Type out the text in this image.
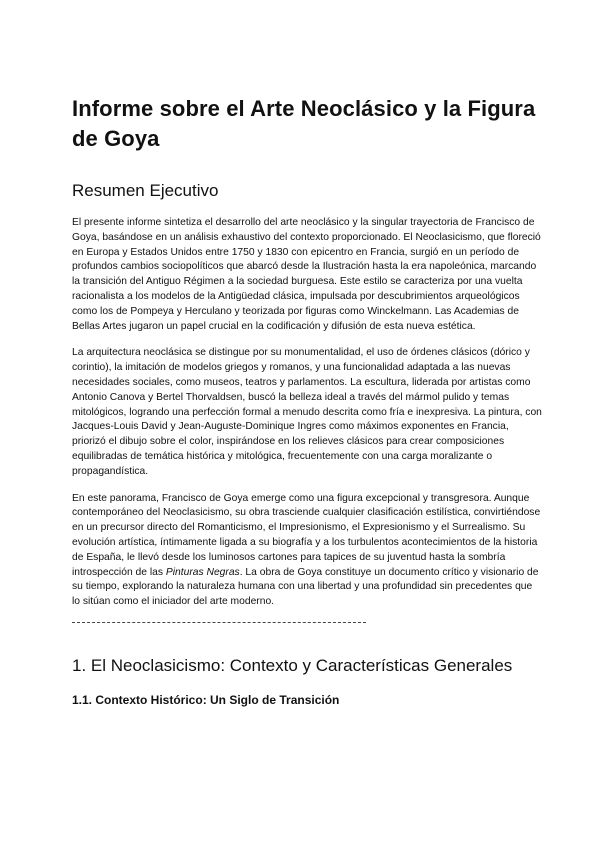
Informe sobre el Arte Neoclásico y la Figura de Goya
Resumen Ejecutivo

El presente informe sintetiza el desarrollo del arte neoclásico y la singular trayectoria de Francisco de Goya, basándose en un análisis exhaustivo del contexto proporcionado. El Neoclasicismo, que floreció en Europa y Estados Unidos entre 1750 y 1830 con epicentro en Francia, surgió en un período de profundos cambios sociopolíticos que abarcó desde la Ilustración hasta la era napoleónica, marcando la transición del Antiguo Régimen a la sociedad burguesa. Este estilo se caracteriza por una vuelta racionalista a los modelos de la Antigüedad clásica, impulsada por descubrimientos arqueológicos como los de Pompeya y Herculano y teorizada por figuras como Winckelmann. Las Academias de Bellas Artes jugaron un papel crucial en la codificación y difusión de esta nueva estética.

La arquitectura neoclásica se distingue por su monumentalidad, el uso de órdenes clásicos (dórico y corintio), la imitación de modelos griegos y romanos, y una funcionalidad adaptada a las nuevas necesidades sociales, como museos, teatros y parlamentos. La escultura, liderada por artistas como Antonio Canova y Bertel Thorvaldsen, buscó la belleza ideal a través del mármol pulido y temas mitológicos, logrando una perfección formal a menudo descrita como fría e inexpresiva. La pintura, con Jacques-Louis David y Jean-Auguste-Dominique Ingres como máximos exponentes en Francia, priorizó el dibujo sobre el color, inspirándose en los relieves clásicos para crear composiciones equilibradas de temática histórica y mitológica, frecuentemente con una carga moralizante o propagandística.

En este panorama, Francisco de Goya emerge como una figura excepcional y transgresora. Aunque contemporáneo del Neoclasicismo, su obra trasciende cualquier clasificación estilística, convirtiéndose en un precursor directo del Romanticismo, el Impresionismo, el Expresionismo y el Surrealismo. Su evolución artística, íntimamente ligada a su biografía y a los turbulentos acontecimientos de la historia de España, le llevó desde los luminosos cartones para tapices de su juventud hasta la sombría introspección de las Pinturas Negras. La obra de Goya constituye un documento crítico y visionario de su tiempo, explorando la naturaleza humana con una libertad y una profundidad sin precedentes que lo sitúan como el iniciador del arte moderno.

1. El Neoclasicismo: Contexto y Características Generales
1.1. Contexto Histórico: Un Siglo de Transición
